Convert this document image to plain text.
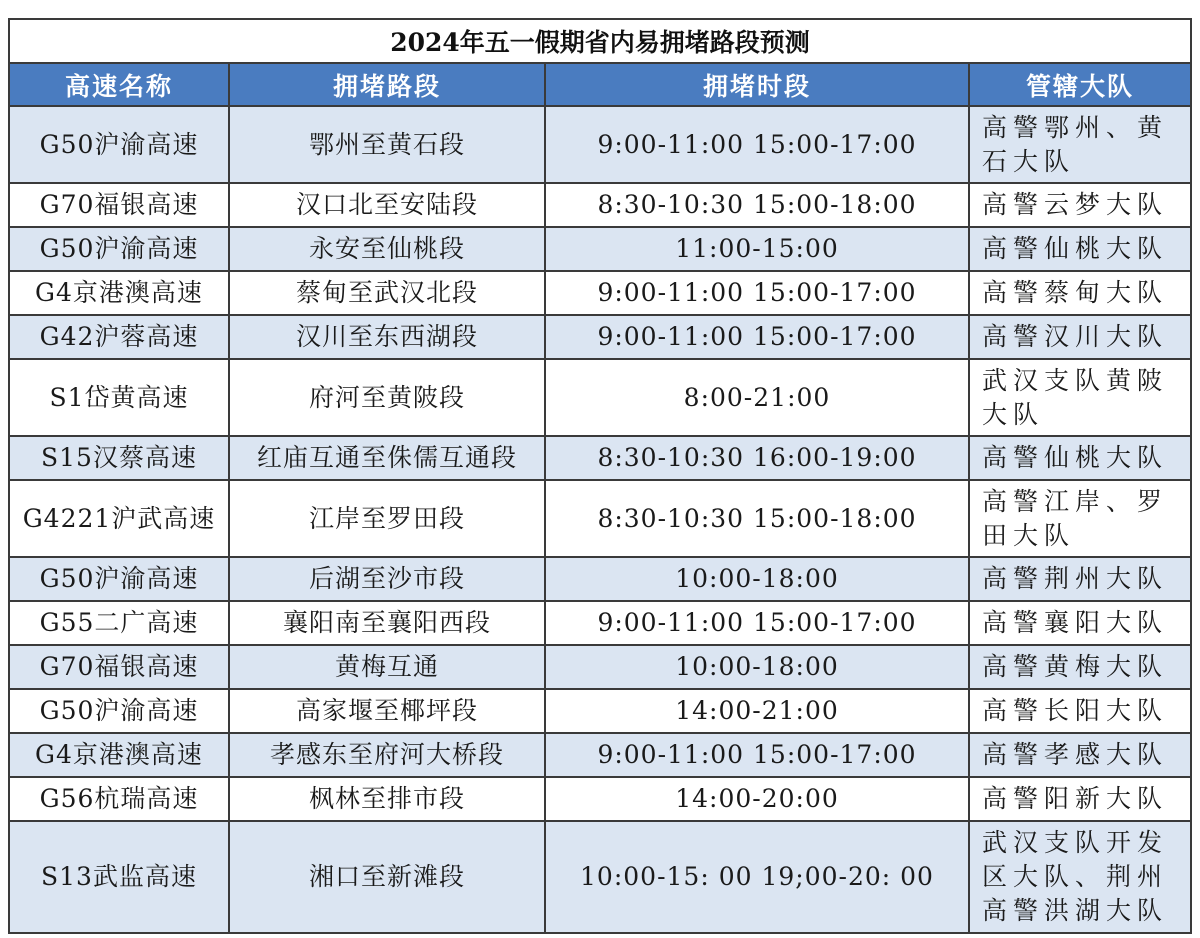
2024年五一假期省内易拥堵路段预测			
高速名称	拥堵路段	拥堵时段	管辖大队
G50沪渝高速	鄂州至黄石段	9:00-11:00 15:00-17:00	高警鄂州、黄石大队
G70福银高速	汉口北至安陆段	8:30-10:30 15:00-18:00	高警云梦大队
G50沪渝高速	永安至仙桃段	11:00-15:00	高警仙桃大队
G4京港澳高速	蔡甸至武汉北段	9:00-11:00 15:00-17:00	高警蔡甸大队
G42沪蓉高速	汉川至东西湖段	9:00-11:00 15:00-17:00	高警汉川大队
S1岱黄高速	府河至黄陂段	8:00-21:00	武汉支队黄陂大队
S15汉蔡高速	红庙互通至侏儒互通段	8:30-10:30 16:00-19:00	高警仙桃大队
G4221沪武高速	江岸至罗田段	8:30-10:30 15:00-18:00	高警江岸、罗田大队
G50沪渝高速	后湖至沙市段	10:00-18:00	高警荆州大队
G55二广高速	襄阳南至襄阳西段	9:00-11:00 15:00-17:00	高警襄阳大队
G70福银高速	黄梅互通	10:00-18:00	高警黄梅大队
G50沪渝高速	高家堰至椰坪段	14:00-21:00	高警长阳大队
G4京港澳高速	孝感东至府河大桥段	9:00-11:00 15:00-17:00	高警孝感大队
G56杭瑞高速	枫林至排市段	14:00-20:00	高警阳新大队
S13武监高速	湘口至新滩段	10:00-15: 00 19;00-20: 00	武汉支队开发区大队、荆州高警洪湖大队
